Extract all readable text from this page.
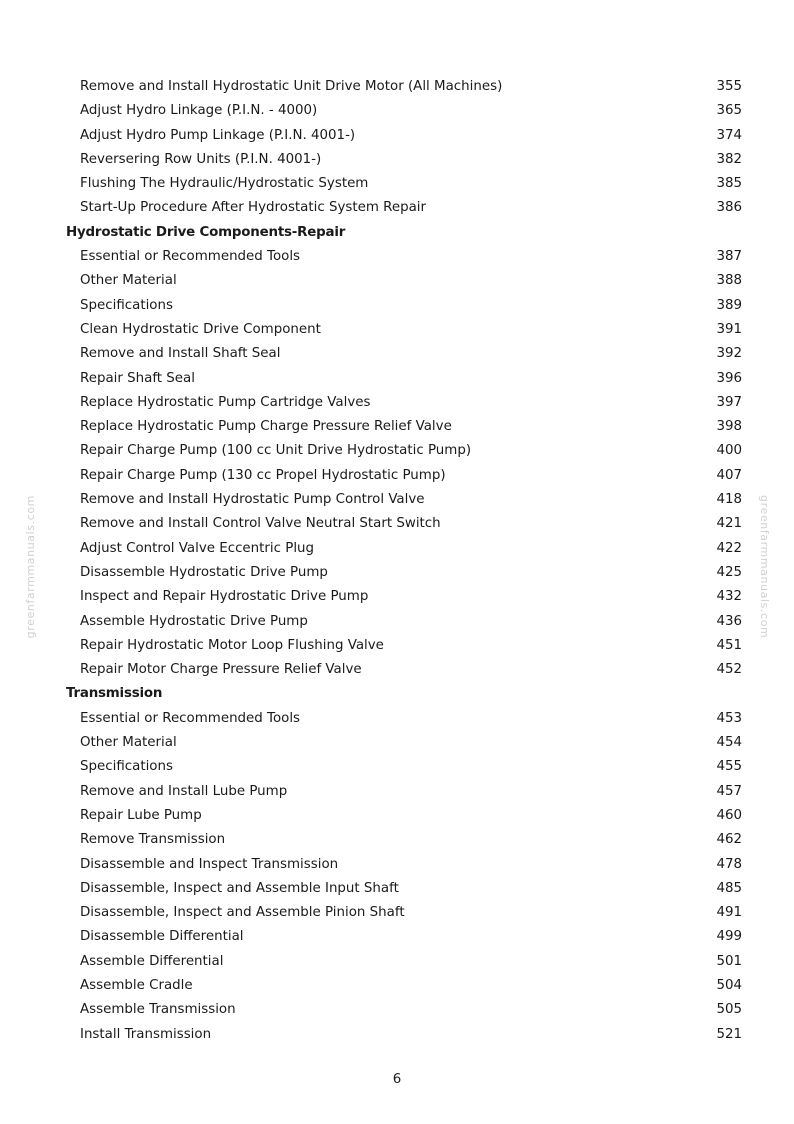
greenfarmmanuals.com	greenfarmmanuals.com
Remove and Install Hydrostatic Unit Drive Motor (All Machines)	355
Adjust Hydro Linkage (P.I.N. - 4000)	365
Adjust Hydro Pump Linkage (P.I.N. 4001-)	374
Reversering Row Units (P.I.N. 4001-)	382
Flushing The Hydraulic/Hydrostatic System	385
Start-Up Procedure After Hydrostatic System Repair	386
Hydrostatic Drive Components-Repair
Essential or Recommended Tools	387
Other Material	388
Specifications	389
Clean Hydrostatic Drive Component	391
Remove and Install Shaft Seal	392
Repair Shaft Seal	396
Replace Hydrostatic Pump Cartridge Valves	397
Replace Hydrostatic Pump Charge Pressure Relief Valve	398
Repair Charge Pump (100 cc Unit Drive Hydrostatic Pump)	400
Repair Charge Pump (130 cc Propel Hydrostatic Pump)	407
Remove and Install Hydrostatic Pump Control Valve	418
Remove and Install Control Valve Neutral Start Switch	421
Adjust Control Valve Eccentric Plug	422
Disassemble Hydrostatic Drive Pump	425
Inspect and Repair Hydrostatic Drive Pump	432
Assemble Hydrostatic Drive Pump	436
Repair Hydrostatic Motor Loop Flushing Valve	451
Repair Motor Charge Pressure Relief Valve	452
Transmission
Essential or Recommended Tools	453
Other Material	454
Specifications	455
Remove and Install Lube Pump	457
Repair Lube Pump	460
Remove Transmission	462
Disassemble and Inspect Transmission	478
Disassemble, Inspect and Assemble Input Shaft	485
Disassemble, Inspect and Assemble Pinion Shaft	491
Disassemble Differential	499
Assemble Differential	501
Assemble Cradle	504
Assemble Transmission	505
Install Transmission	521
6
